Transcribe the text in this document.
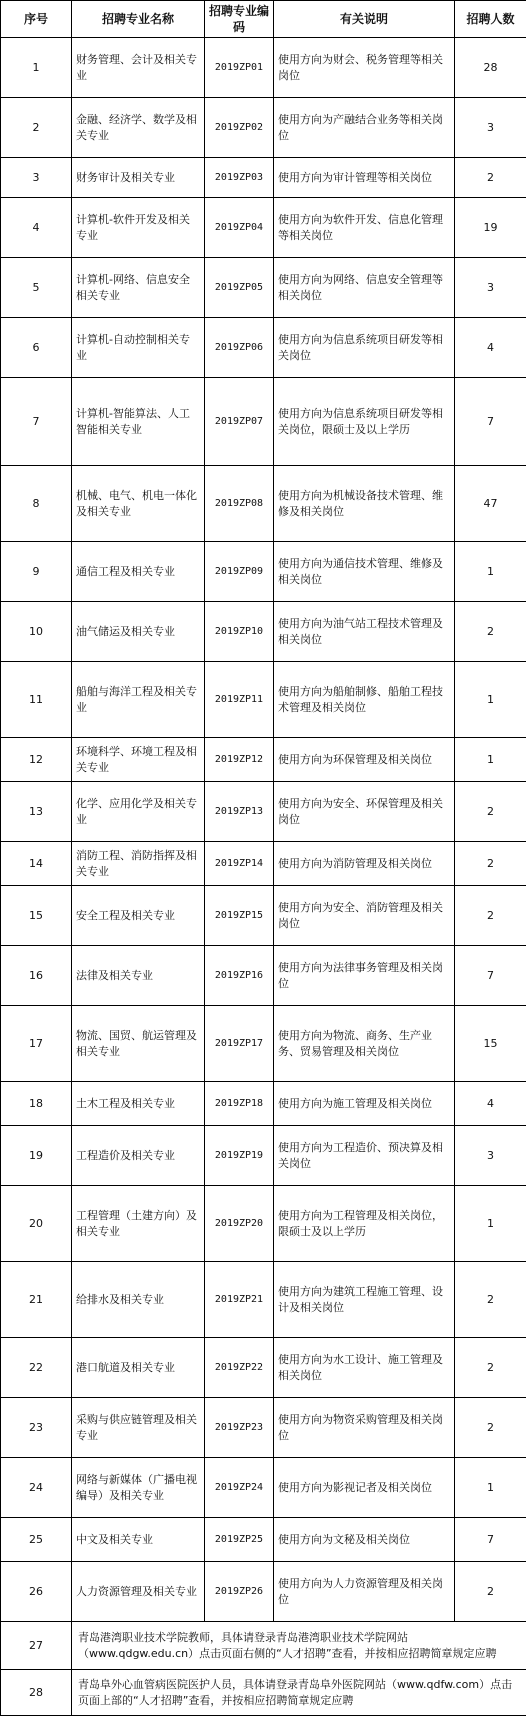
序号	招聘专业名称	招聘专业编码	有关说明	招聘人数
1	财务管理、会计及相关专业	2019ZP01	使用方向为财会、税务管理等相关岗位	28
2	金融、经济学、数学及相关专业	2019ZP02	使用方向为产融结合业务等相关岗位	3
3	财务审计及相关专业	2019ZP03	使用方向为审计管理等相关岗位	2
4	计算机-软件开发及相关专业	2019ZP04	使用方向为软件开发、信息化管理等相关岗位	19
5	计算机-网络、信息安全相关专业	2019ZP05	使用方向为网络、信息安全管理等相关岗位	3
6	计算机-自动控制相关专业	2019ZP06	使用方向为信息系统项目研发等相关岗位	4
7	计算机-智能算法、人工智能相关专业	2019ZP07	使用方向为信息系统项目研发等相关岗位，限硕士及以上学历	7
8	机械、电气、机电一体化及相关专业	2019ZP08	使用方向为机械设备技术管理、维修及相关岗位	47
9	通信工程及相关专业	2019ZP09	使用方向为通信技术管理、维修及相关岗位	1
10	油气储运及相关专业	2019ZP10	使用方向为油气站工程技术管理及相关岗位	2
11	船舶与海洋工程及相关专业	2019ZP11	使用方向为船舶制修、船舶工程技术管理及相关岗位	1
12	环境科学、环境工程及相关专业	2019ZP12	使用方向为环保管理及相关岗位	1
13	化学、应用化学及相关专业	2019ZP13	使用方向为安全、环保管理及相关岗位	2
14	消防工程、消防指挥及相关专业	2019ZP14	使用方向为消防管理及相关岗位	2
15	安全工程及相关专业	2019ZP15	使用方向为安全、消防管理及相关岗位	2
16	法律及相关专业	2019ZP16	使用方向为法律事务管理及相关岗位	7
17	物流、国贸、航运管理及相关专业	2019ZP17	使用方向为物流、商务、生产业务、贸易管理及相关岗位	15
18	土木工程及相关专业	2019ZP18	使用方向为施工管理及相关岗位	4
19	工程造价及相关专业	2019ZP19	使用方向为工程造价、预决算及相关岗位	3
20	工程管理（土建方向）及相关专业	2019ZP20	使用方向为工程管理及相关岗位，限硕士及以上学历	1
21	给排水及相关专业	2019ZP21	使用方向为建筑工程施工管理、设计及相关岗位	2
22	港口航道及相关专业	2019ZP22	使用方向为水工设计、施工管理及相关岗位	2
23	采购与供应链管理及相关专业	2019ZP23	使用方向为物资采购管理及相关岗位	2
24	网络与新媒体（广播电视编导）及相关专业	2019ZP24	使用方向为影视记者及相关岗位	1
25	中文及相关专业	2019ZP25	使用方向为文秘及相关岗位	7
26	人力资源管理及相关专业	2019ZP26	使用方向为人力资源管理及相关岗位	2
27	青岛港湾职业技术学院教师，具体请登录青岛港湾职业技术学院网站（www.qdgw.edu.cn）点击页面右侧的“人才招聘”查看，并按相应招聘简章规定应聘			
28	青岛阜外心血管病医院医护人员，具体请登录青岛阜外医院网站（www.qdfw.com）点击页面上部的“人才招聘”查看，并按相应招聘简章规定应聘			
